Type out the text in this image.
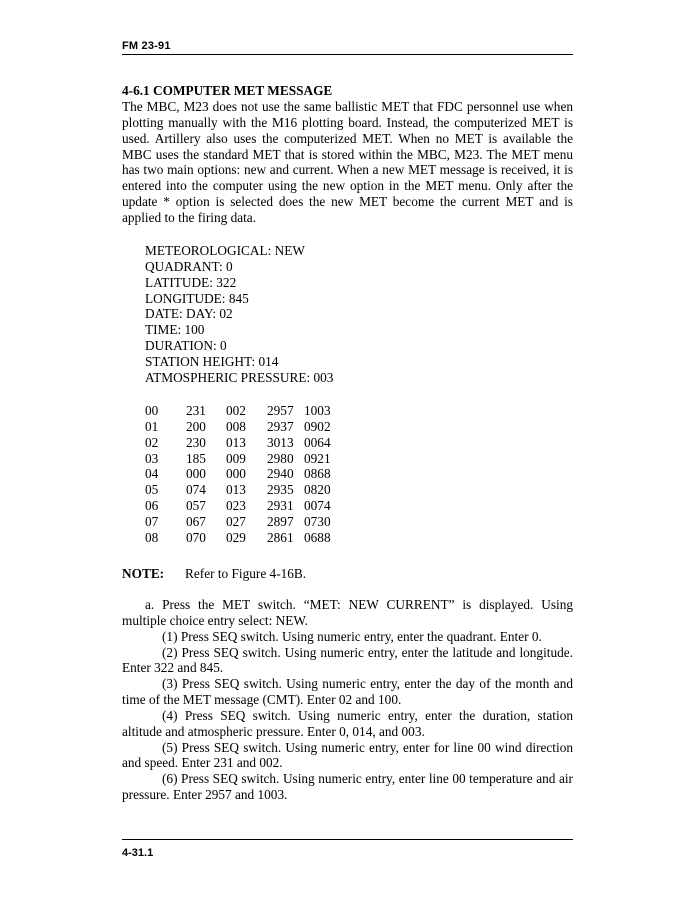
FM 23-91
4-6.1 COMPUTER MET MESSAGE
The MBC, M23 does not use the same ballistic MET that FDC personnel use when plotting manually with the M16 plotting board. Instead, the computerized MET is used. Artillery also uses the computerized MET. When no MET is available the MBC uses the standard MET that is stored within the MBC, M23. The MET menu has two main options: new and current. When a new MET message is received, it is entered into the computer using the new option in the MET menu. Only after the update * option is selected does the new MET become the current MET and is applied to the firing data.
METEOROLOGICAL: NEW
QUADRANT: 0
LATITUDE: 322
LONGITUDE: 845
DATE: DAY: 02
TIME: 100
DURATION: 0
STATION HEIGHT: 014
ATMOSPHERIC PRESSURE: 003
00	231	002	2957	1003
01	200	008	2937	0902
02	230	013	3013	0064
03	185	009	2980	0921
04	000	000	2940	0868
05	074	013	2935	0820
06	057	023	2931	0074
07	067	027	2897	0730
08	070	029	2861	0688
NOTE: Refer to Figure 4-16B.

a. Press the MET switch. “MET: NEW CURRENT” is displayed. Using multiple choice entry select: NEW.

(1) Press SEQ switch. Using numeric entry, enter the quadrant. Enter 0.

(2) Press SEQ switch. Using numeric entry, enter the latitude and longitude. Enter 322 and 845.

(3) Press SEQ switch. Using numeric entry, enter the day of the month and time of the MET message (CMT). Enter 02 and 100.

(4) Press SEQ switch. Using numeric entry, enter the duration, station altitude and atmospheric pressure. Enter 0, 014, and 003.

(5) Press SEQ switch. Using numeric entry, enter for line 00 wind direction and speed. Enter 231 and 002.

(6) Press SEQ switch. Using numeric entry, enter line 00 temperature and air pressure. Enter 2957 and 1003.

4-31.1
